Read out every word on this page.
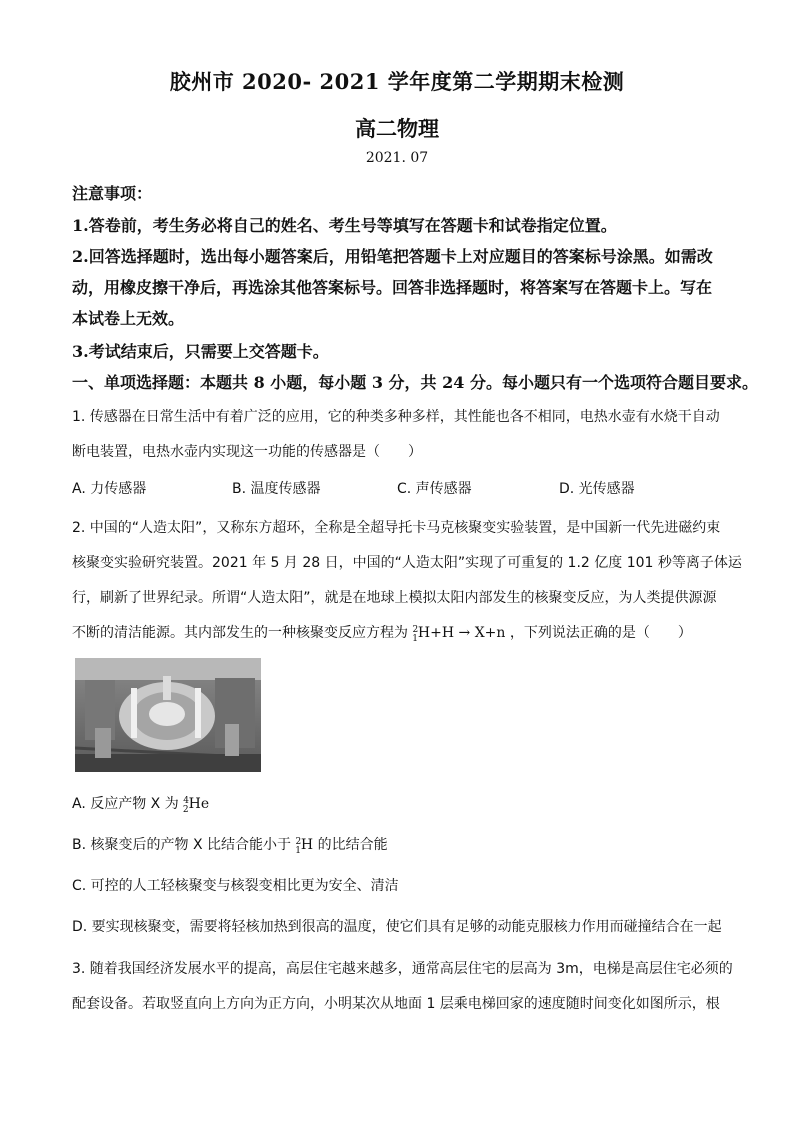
胶州市 2020- 2021 学年度第二学期期末检测
高二物理
2021. 07
注意事项：
1.答卷前，考生务必将自己的姓名、考生号等填写在答题卡和试卷指定位置。
2.回答选择题时，选出每小题答案后，用铅笔把答题卡上对应题目的答案标号涂黑。如需改
动，用橡皮擦干净后，再选涂其他答案标号。回答非选择题时，将答案写在答题卡上。写在
本试卷上无效。
3.考试结束后，只需要上交答题卡。
一、单项选择题：本题共 8 小题，每小题 3 分，共 24 分。每小题只有一个选项符合题目要求。
1. 传感器在日常生活中有着广泛的应用，它的种类多种多样，其性能也各不相同，电热水壶有水烧干自动
断电装置，电热水壶内实现这一功能的传感器是（　　）
A. 力传感器	B. 温度传感器	C. 声传感器	D. 光传感器
2. 中国的“人造太阳”，又称东方超环，全称是全超导托卡马克核聚变实验装置，是中国新一代先进磁约束
核聚变实验研究装置。2021 年 5 月 28 日，中国的“人造太阳”实现了可重复的 1.2 亿度 101 秒等离子体运
行，刷新了世界纪录。所谓“人造太阳”，就是在地球上模拟太阳内部发生的核聚变反应，为人类提供源源
不断的清洁能源。其内部发生的一种核聚变反应方程为 $^2_1$H+H → X+n ，下列说法正确的是（　　）
A. 反应产物 X 为 $^4_2$He
B. 核聚变后的产物 X 比结合能小于 $^2_1$H 的比结合能
C. 可控的人工轻核聚变与核裂变相比更为安全、清洁
D. 要实现核聚变，需要将轻核加热到很高的温度，使它们具有足够的动能克服核力作用而碰撞结合在一起
3. 随着我国经济发展水平的提高，高层住宅越来越多，通常高层住宅的层高为 3m，电梯是高层住宅必须的
配套设备。若取竖直向上方向为正方向，小明某次从地面 1 层乘电梯回家的速度随时间变化如图所示，根
